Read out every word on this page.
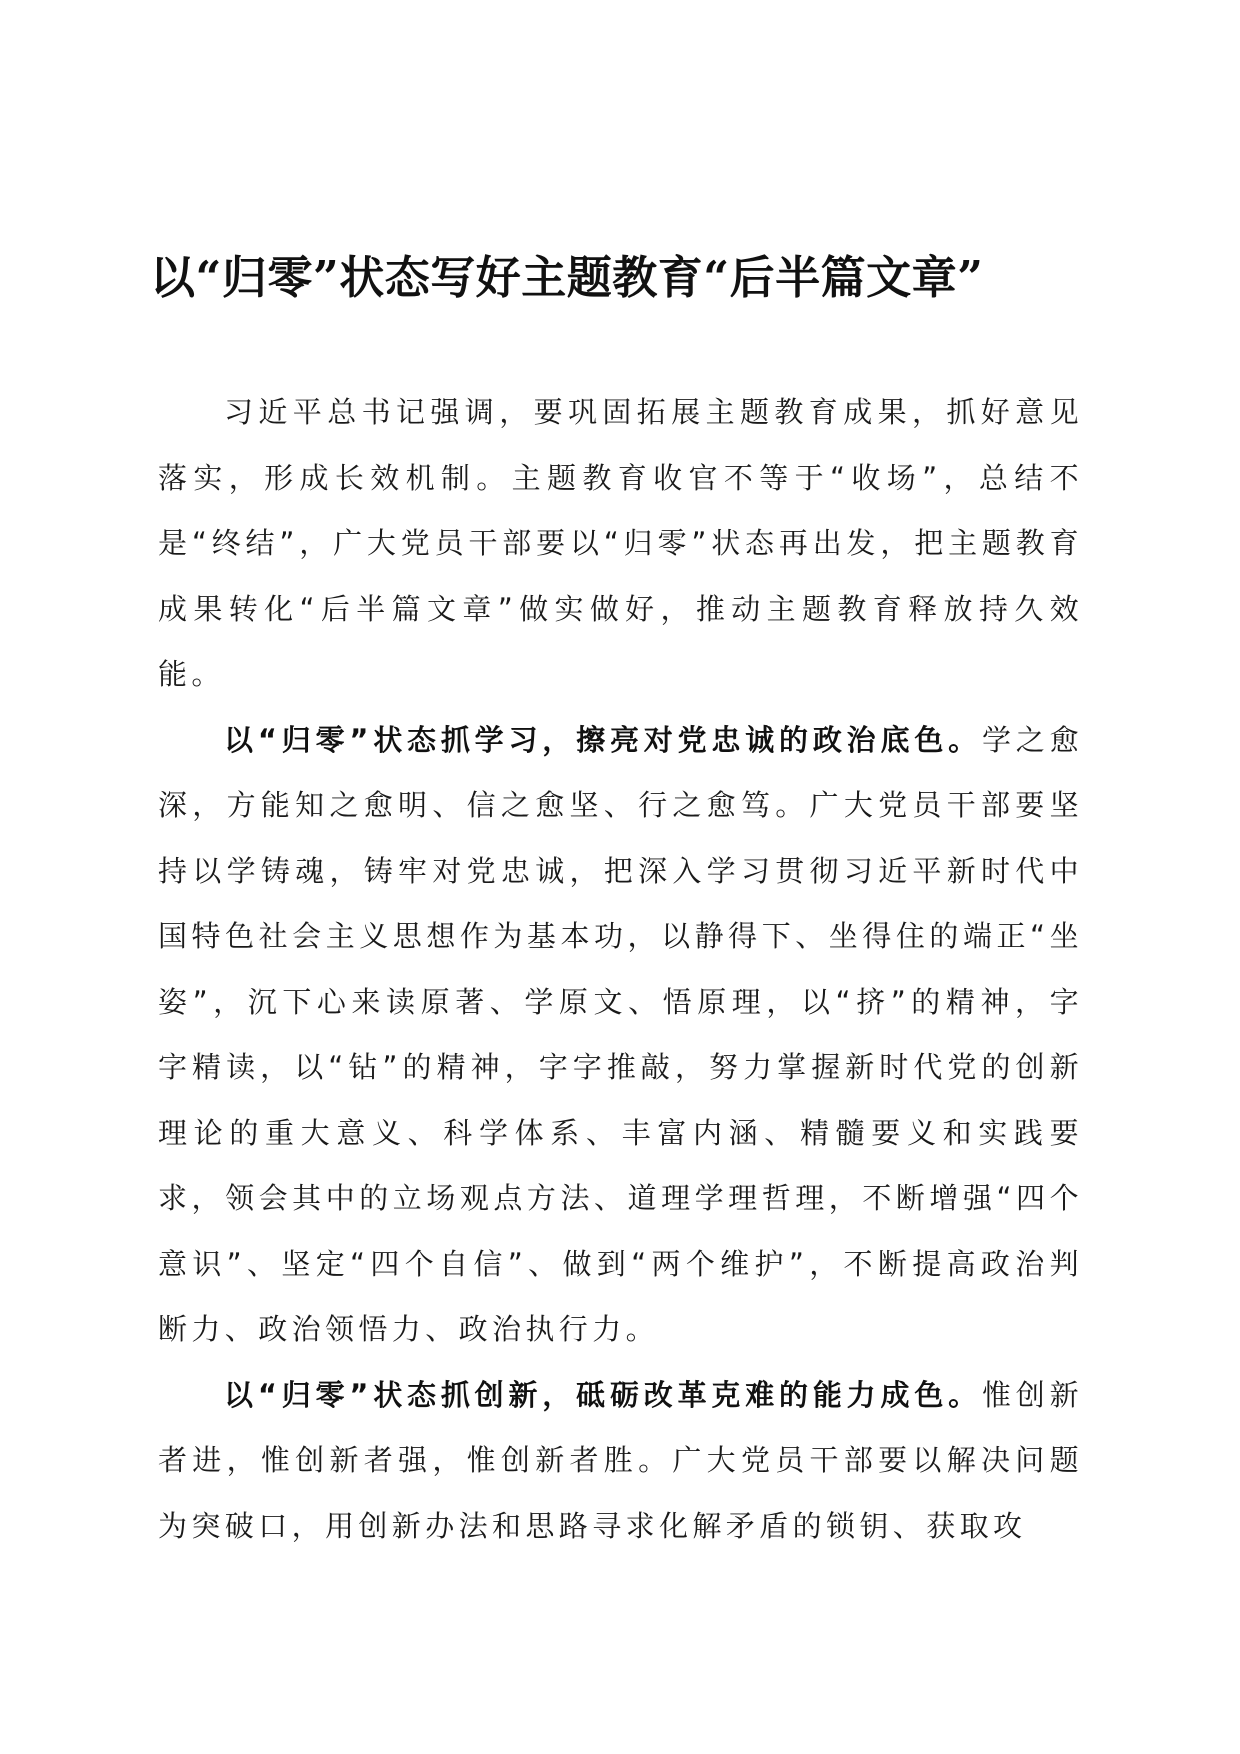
以“归零”状态写好主题教育“后半篇文章”

习近平总书记强调，要巩固拓展主题教育成果，抓好意见落实，形成长效机制。主题教育收官不等于“收场”，总结不是“终结”，广大党员干部要以“归零”状态再出发，把主题教育成果转化“后半篇文章”做实做好，推动主题教育释放持久效能。

以“归零”状态抓学习，擦亮对党忠诚的政治底色。学之愈深，方能知之愈明、信之愈坚、行之愈笃。广大党员干部要坚持以学铸魂，铸牢对党忠诚，把深入学习贯彻习近平新时代中国特色社会主义思想作为基本功，以静得下、坐得住的端正“坐姿”，沉下心来读原著、学原文、悟原理，以“挤”的精神，字字精读，以“钻”的精神，字字推敲，努力掌握新时代党的创新理论的重大意义、科学体系、丰富内涵、精髓要义和实践要求，领会其中的立场观点方法、道理学理哲理，不断增强“四个意识”、坚定“四个自信”、做到“两个维护”，不断提高政治判断力、政治领悟力、政治执行力。

以“归零”状态抓创新，砥砺改革克难的能力成色。惟创新者进，惟创新者强，惟创新者胜。广大党员干部要以解决问题为突破口，用创新办法和思路寻求化解矛盾的锁钥、获取攻
